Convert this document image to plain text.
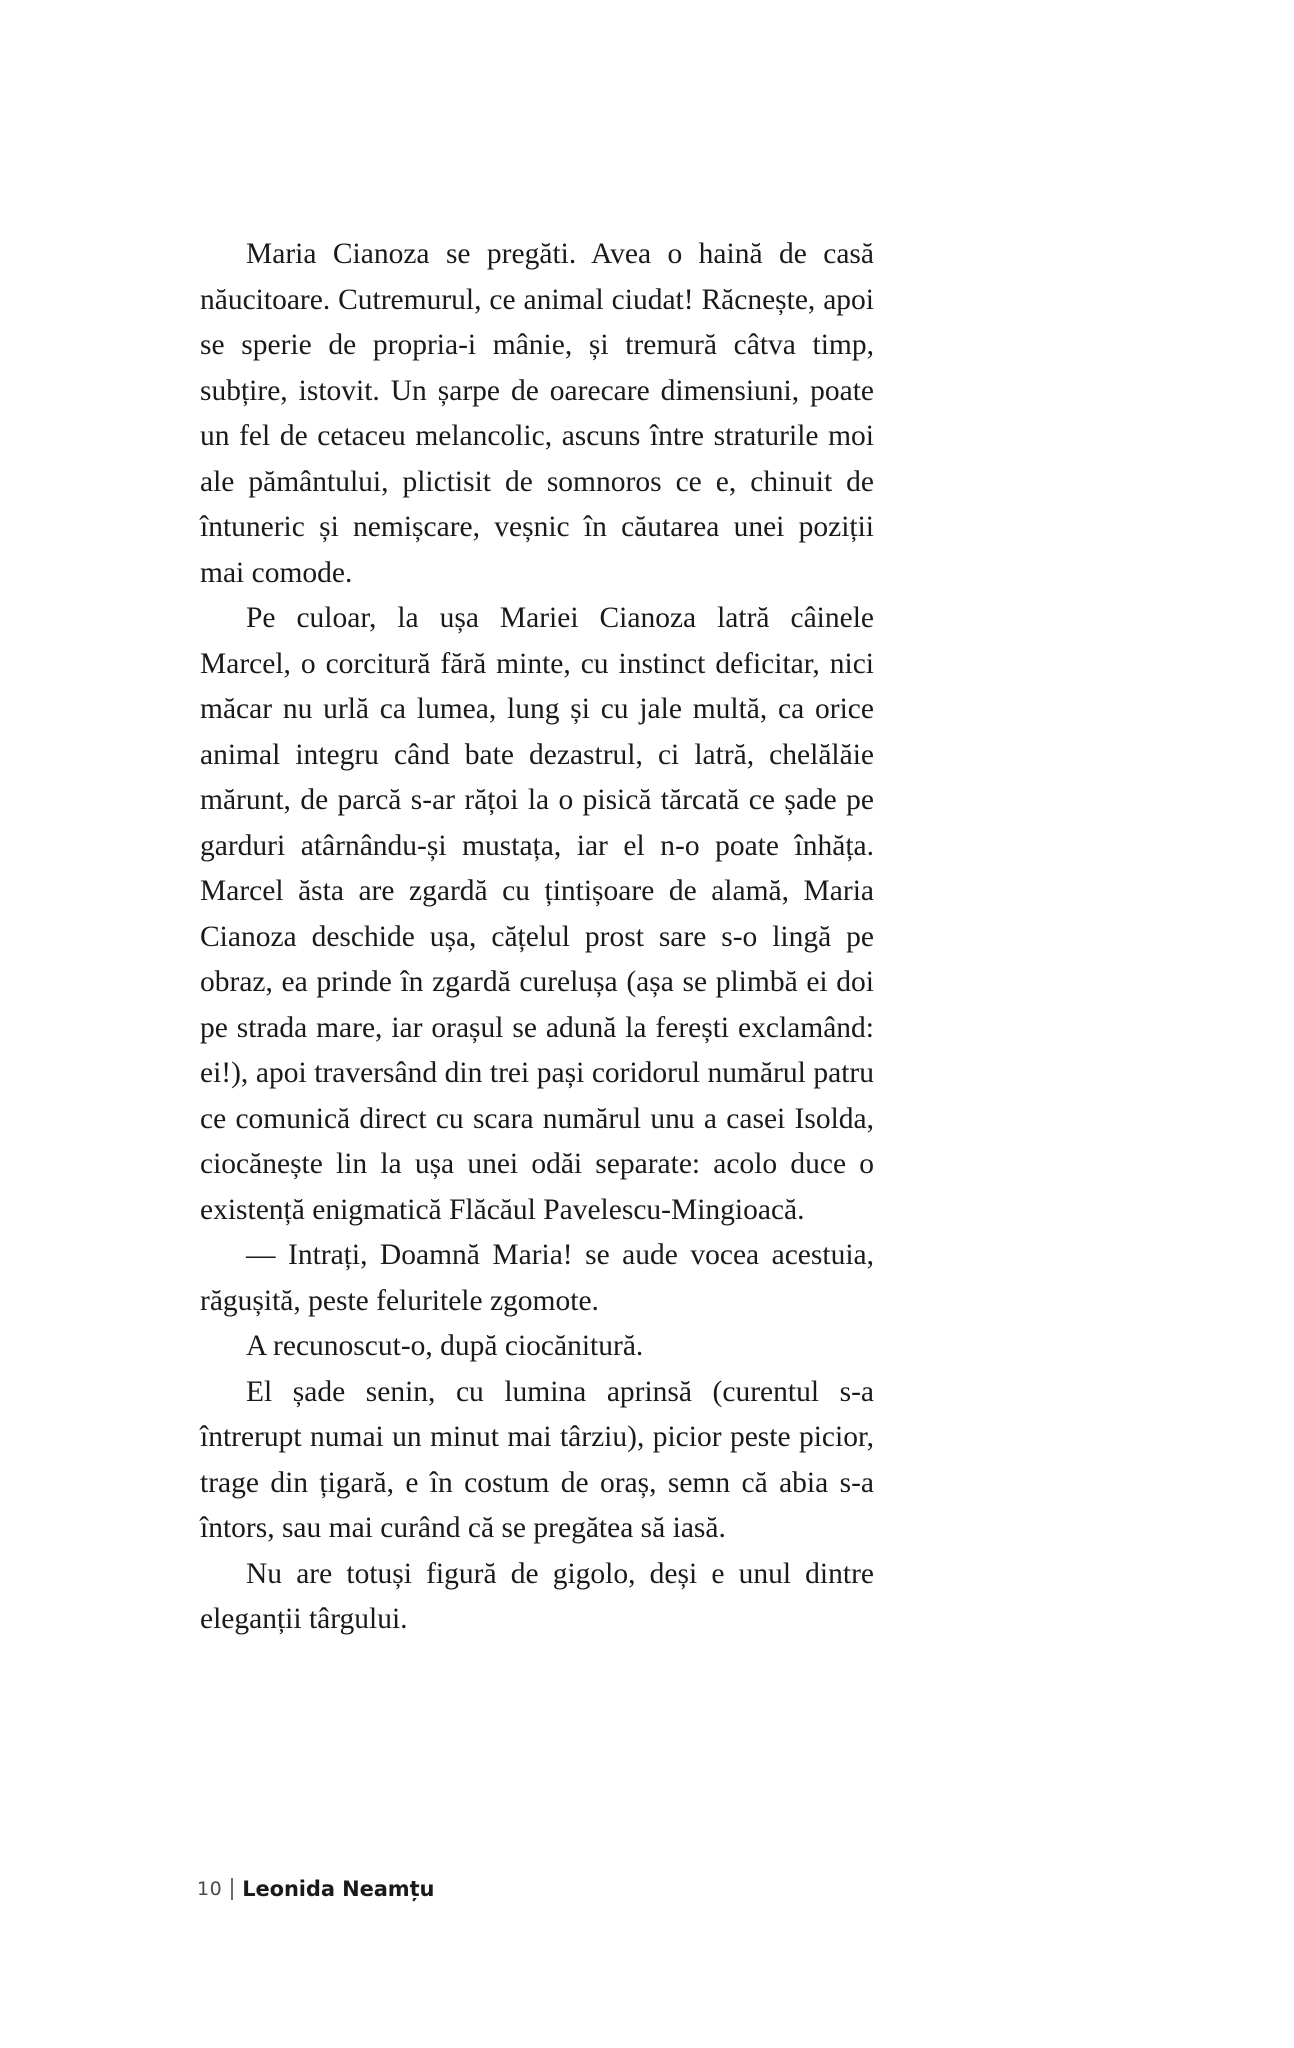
Maria Cianoza se pregăti. Avea o haină de casă năucitoare. Cutremurul, ce animal ciudat! Răcnește, apoi se sperie de propria-i mânie, și tremură câtva timp, subțire, istovit. Un șarpe de oarecare dimensiuni, poate un fel de cetaceu melancolic, ascuns între straturile moi ale pământului, plictisit de somnoros ce e, chinuit de întuneric și nemișcare, veșnic în căutarea unei poziții mai comode.

Pe culoar, la ușa Mariei Cianoza latră câinele Marcel, o corcitură fără minte, cu instinct deficitar, nici măcar nu urlă ca lumea, lung și cu jale multă, ca orice animal integru când bate dezastrul, ci latră, chelălăie mărunt, de parcă s-ar rățoi la o pisică tărcată ce șade pe garduri atârnându-și mustața, iar el n-o poate înhăța. Marcel ăsta are zgardă cu țintișoare de alamă, Maria Cianoza deschide ușa, cățelul prost sare s-o lingă pe obraz, ea prinde în zgardă curelușa (așa se plimbă ei doi pe strada mare, iar orașul se adună la ferești exclamând: ei!), apoi traversând din trei pași coridorul numărul patru ce comunică direct cu scara numărul unu a casei Isolda, ciocănește lin la ușa unei odăi separate: acolo duce o existență enigmatică Flăcăul Pavelescu-Mingioacă.

— Intrați, Doamnă Maria! se aude vocea acestuia, răgușită, peste feluritele zgomote.

A recunoscut-o, după ciocănitură.

El șade senin, cu lumina aprinsă (curentul s-a întrerupt numai un minut mai târziu), picior peste picior, trage din țigară, e în costum de oraș, semn că abia s-a întors, sau mai curând că se pregătea să iasă.

Nu are totuși figură de gigolo, deși e unul dintre eleganții târgului.

10 Leonida Neamțu
